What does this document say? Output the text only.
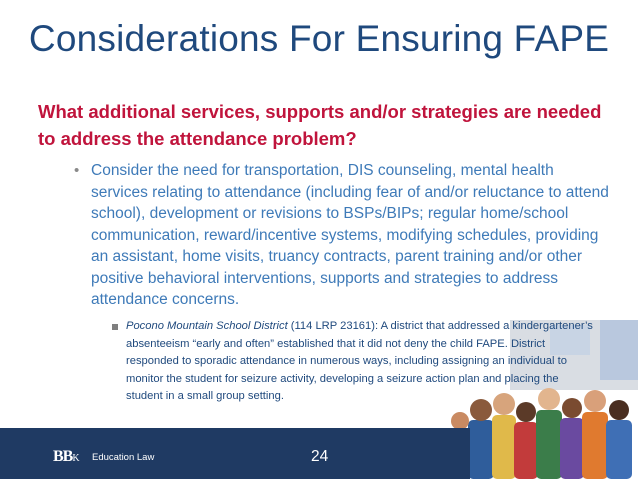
Considerations For Ensuring FAPE
What additional services, supports and/or strategies are needed to address the attendance problem?
• Consider the need for transportation, DIS counseling, mental health services relating to attendance (including fear of and/or reluctance to attend school), development or revisions to BSPs/BIPs; regular home/school communication, reward/incentive systems, modifying schedules, providing an assistant, home visits, truancy contracts, parent training and/or other positive behavioral interventions, supports and strategies to address attendance concerns.
Pocono Mountain School District (114 LRP 23161): A district that addressed a kindergartener’s absenteeism “early and often” established that it did not deny the child FAPE. District responded to sporadic attendance in numerous ways, including assigning an individual to monitor the student for seizure activity, developing a seizure action plan and placing the student in a small group setting.
BBK Education Law	24
